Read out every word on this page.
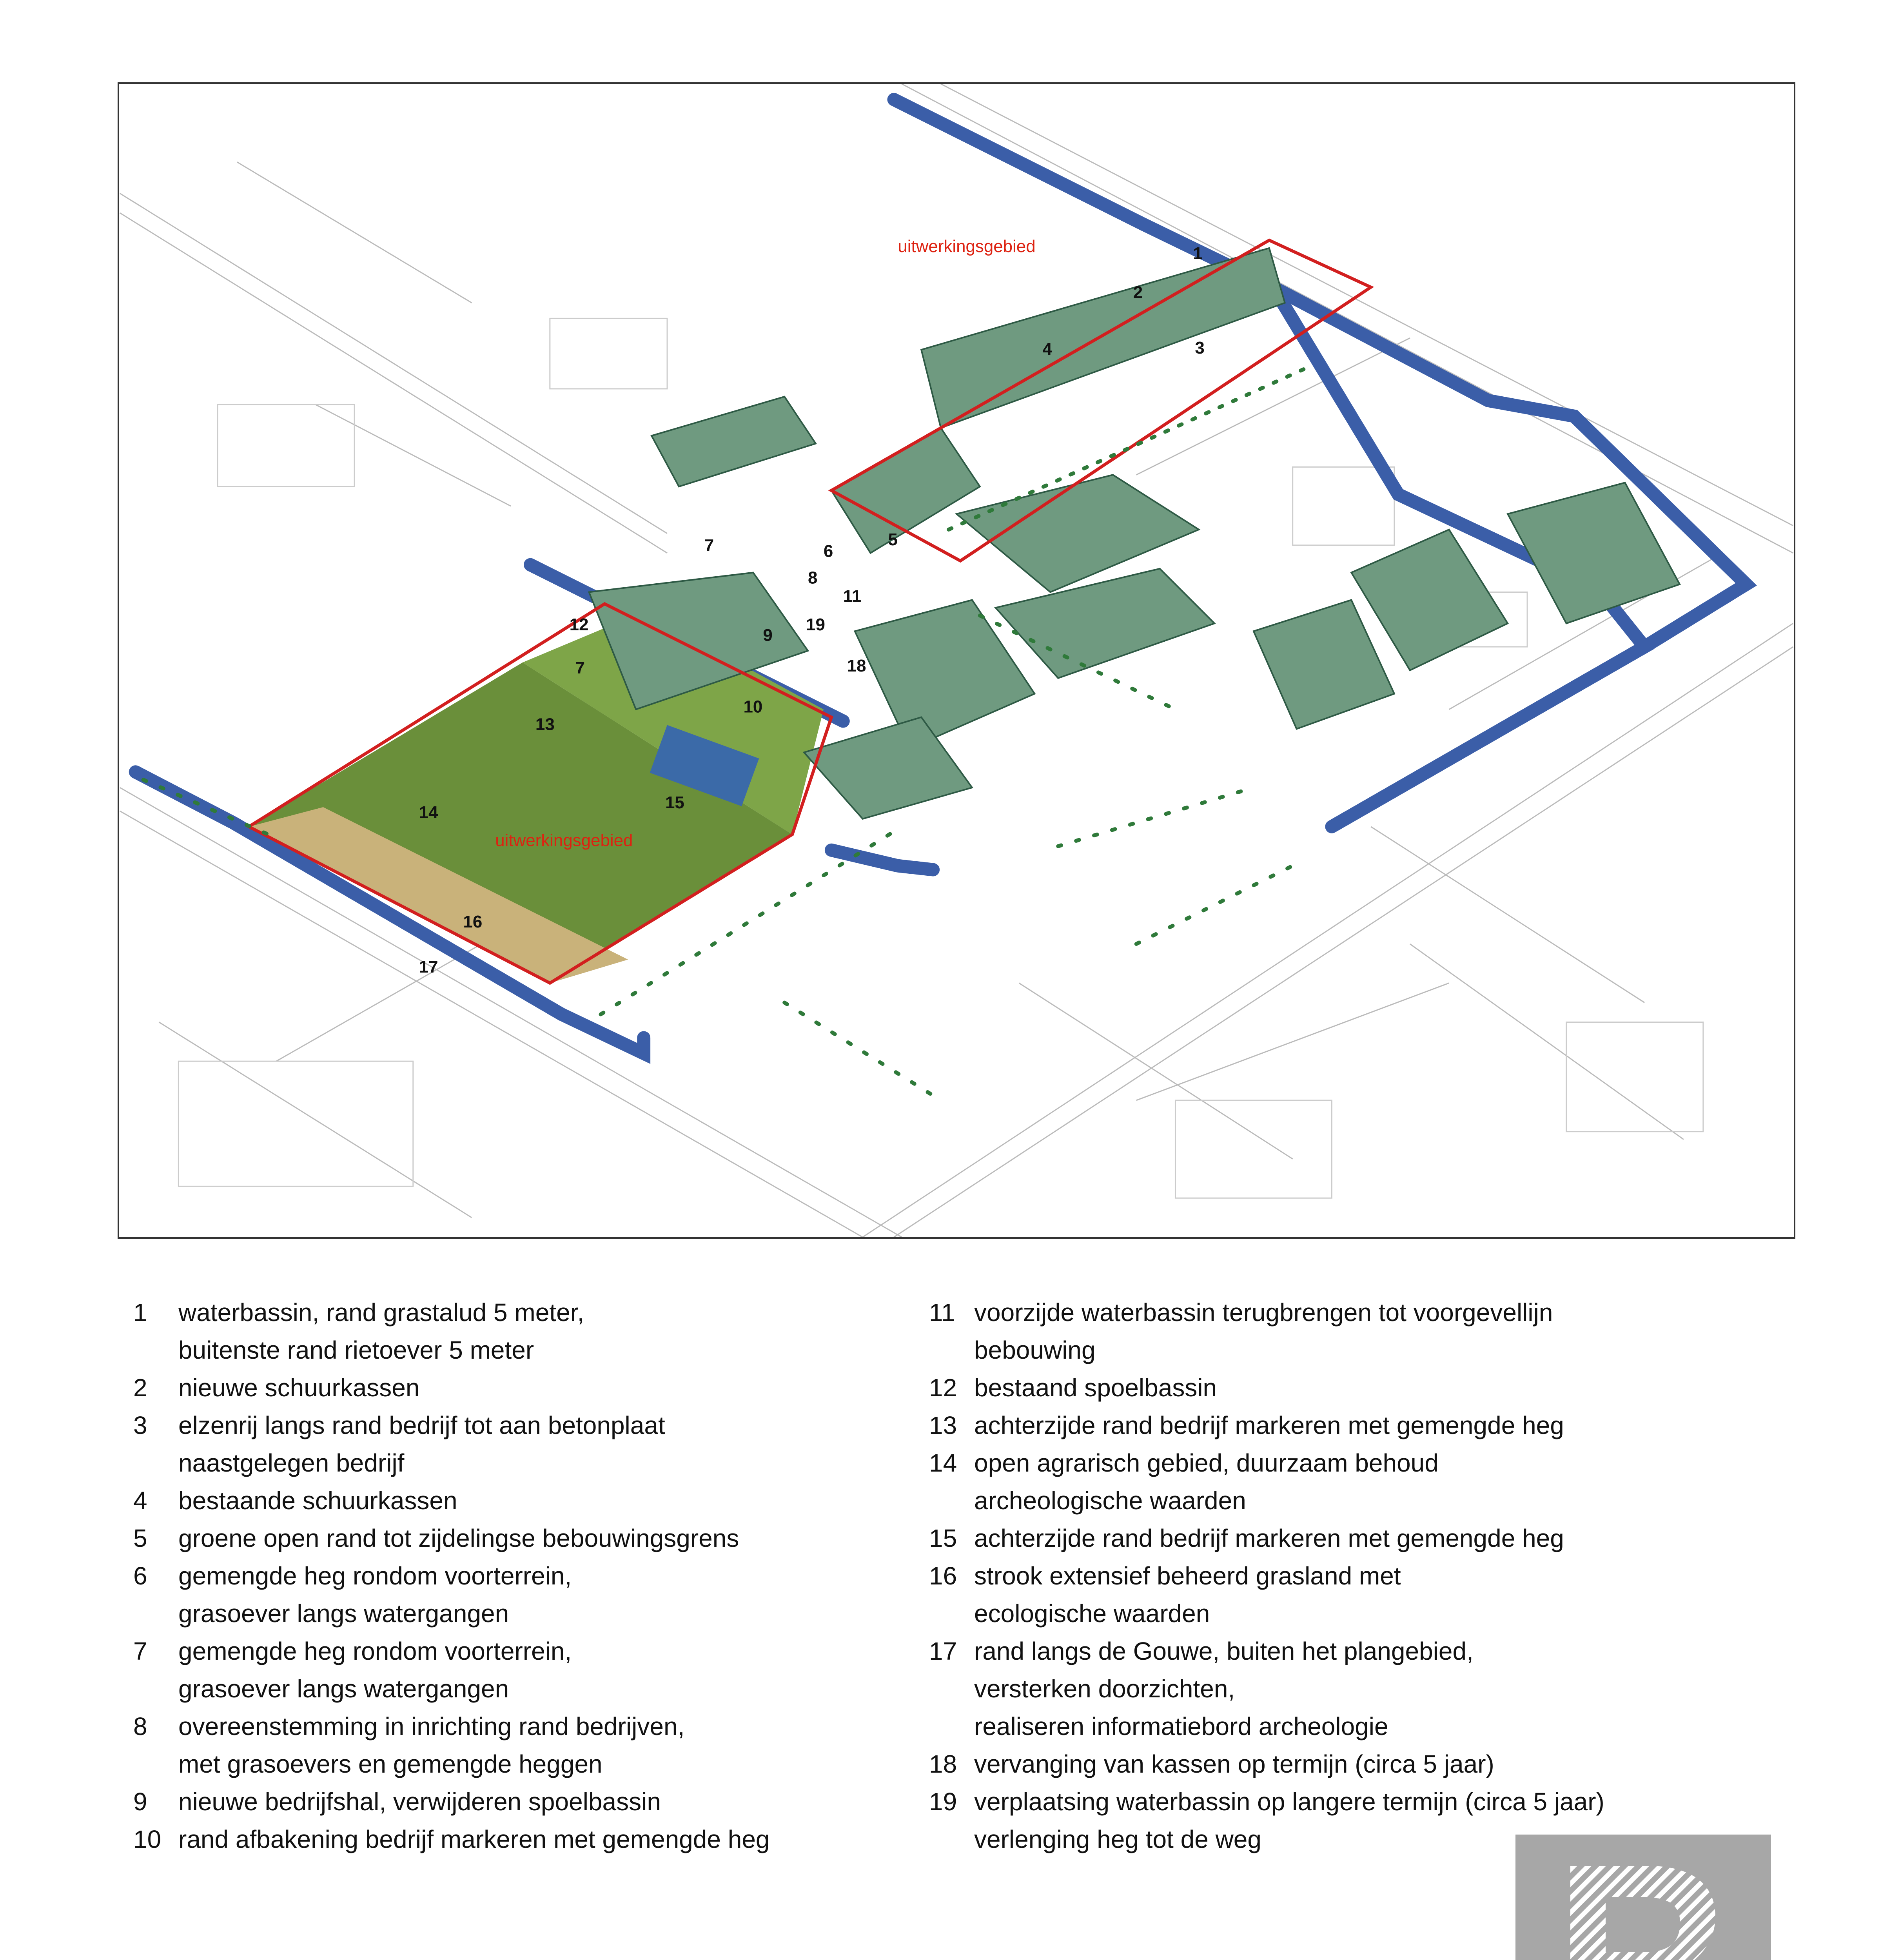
uitwerkingsgebied
uitwerkingsgebied
1
2
3
4
5
6
7
7
8
9
10
11
12
13
14
15
16
17
18
19
1	waterbassin, rand grastalud 5 meter,
buitenste rand rietoever 5 meter
2	nieuwe schuurkassen
3	elzenrij langs rand bedrijf tot aan betonplaat
naastgelegen bedrijf
4	bestaande schuurkassen
5	groene open rand tot zijdelingse bebouwingsgrens
6	gemengde heg rondom voorterrein,
grasoever langs watergangen
7	gemengde heg rondom voorterrein,
grasoever langs watergangen
8	overeenstemming in inrichting rand bedrijven,
met grasoevers en gemengde heggen
9	nieuwe bedrijfshal, verwijderen spoelbassin
10 rand afbakening bedrijf markeren met gemengde heg
11 voorzijde waterbassin terugbrengen tot voorgevellijn
bebouwing
12 bestaand spoelbassin
13 achterzijde rand bedrijf markeren met gemengde heg
14 open agrarisch gebied, duurzaam behoud
archeologische waarden
15 achterzijde rand bedrijf markeren met gemengde heg
16 strook extensief beheerd grasland met
ecologische waarden
17 rand langs de Gouwe, buiten het plangebied,
versterken doorzichten,
realiseren informatiebord archeologie
18 vervanging van kassen op termijn (circa 5 jaar)
19 verplaatsing waterbassin op langere termijn (circa 5 jaar)
verlenging heg tot de weg
